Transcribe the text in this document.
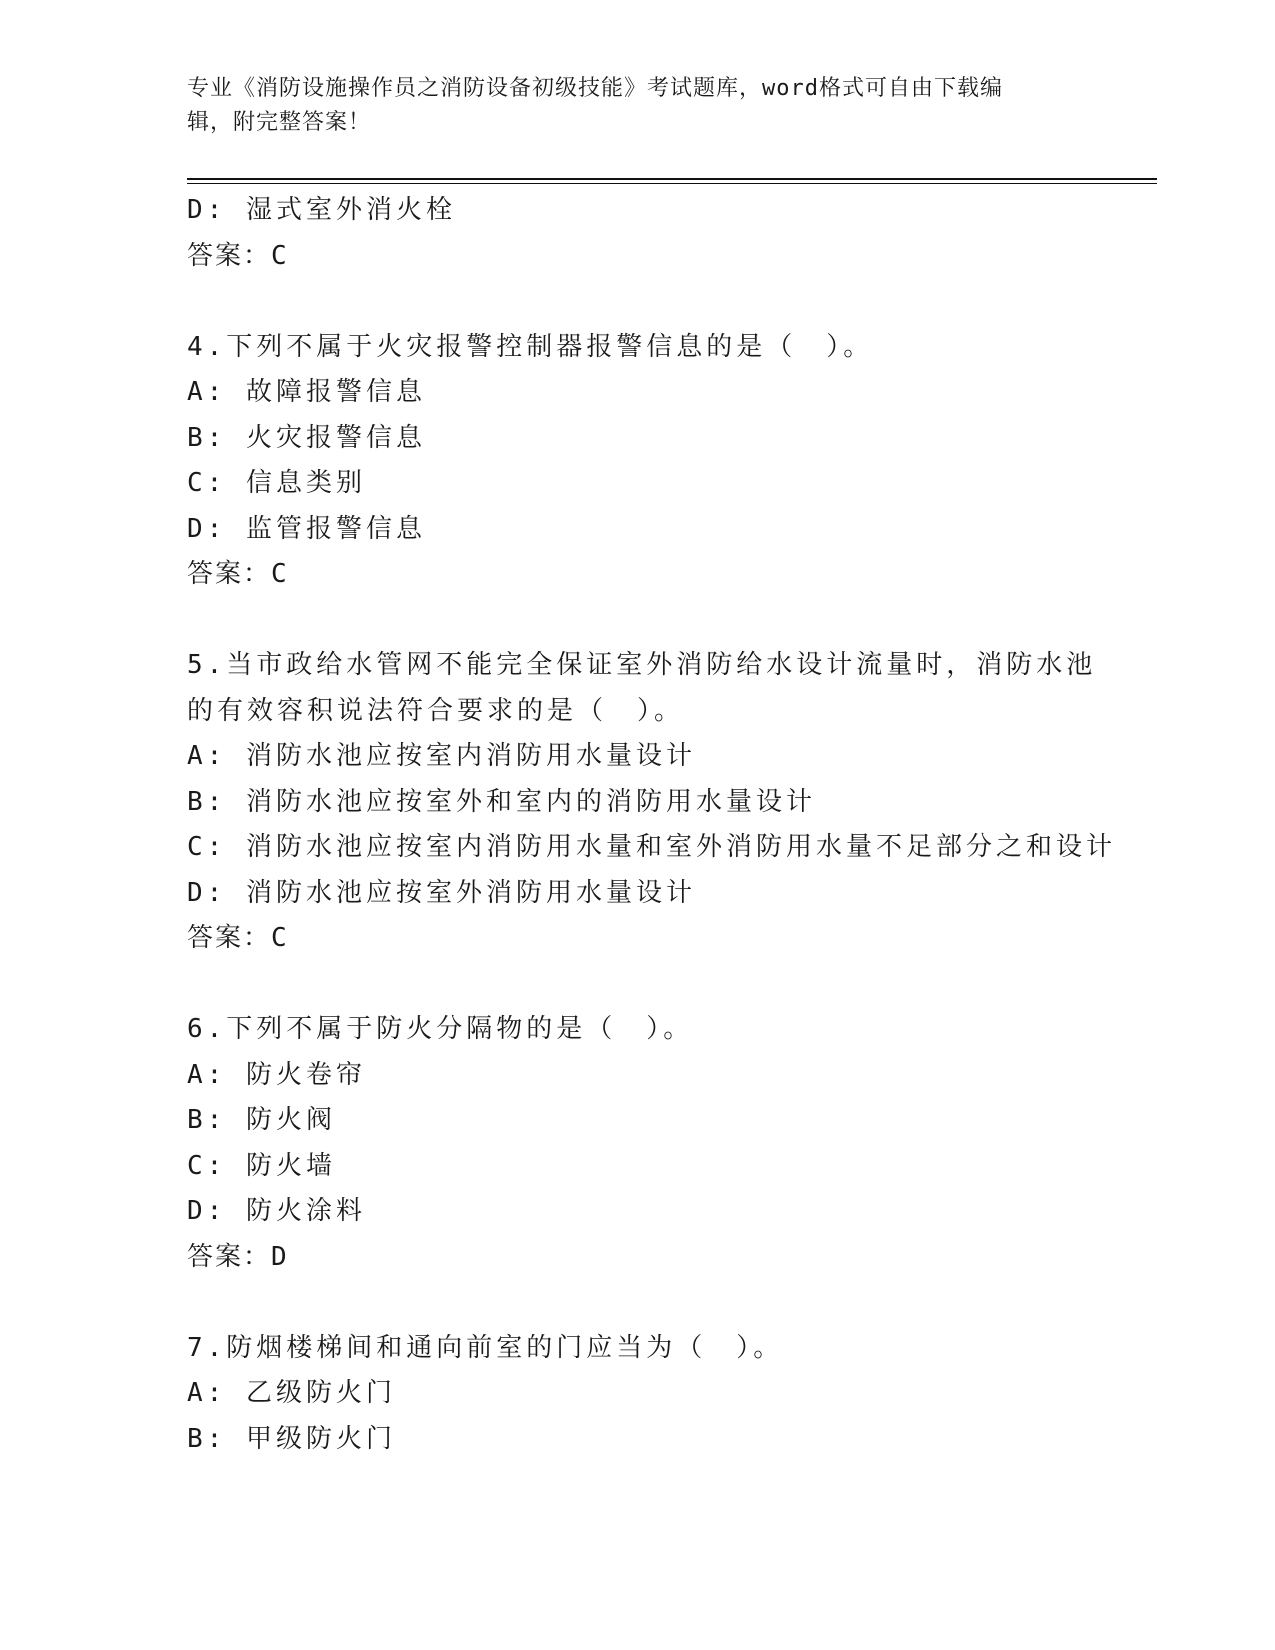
专业《消防设施操作员之消防设备初级技能》考试题库，word格式可自由下载编
辑，附完整答案！
D: 湿式室外消火栓
答案：C
4.下列不属于火灾报警控制器报警信息的是（　）。
A: 故障报警信息
B: 火灾报警信息
C: 信息类别
D: 监管报警信息
答案：C
5.当市政给水管网不能完全保证室外消防给水设计流量时，消防水池
的有效容积说法符合要求的是（　）。
A: 消防水池应按室内消防用水量设计
B: 消防水池应按室外和室内的消防用水量设计
C: 消防水池应按室内消防用水量和室外消防用水量不足部分之和设计
D: 消防水池应按室外消防用水量设计
答案：C
6.下列不属于防火分隔物的是（　）。
A: 防火卷帘
B: 防火阀
C: 防火墙
D: 防火涂料
答案：D
7.防烟楼梯间和通向前室的门应当为（　）。
A: 乙级防火门
B: 甲级防火门
